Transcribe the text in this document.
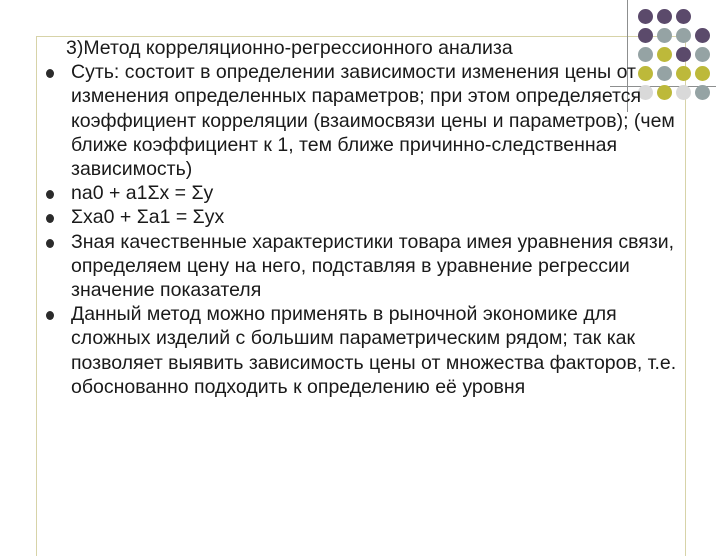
3)Метод корреляционно-регрессионного анализа
Суть: состоит в определении зависимости изменения цены от изменения определенных параметров; при этом определяется коэффициент корреляции (взаимосвязи цены и параметров); (чем ближе коэффициент к 1, тем ближе причинно-следственная зависимость)
na0 + a1Σx = Σy
Σxa0 + Σa1 = Σyx
Зная качественные характеристики товара имея уравнения связи, определяем цену на него, подставляя в уравнение регрессии значение показателя
Данный метод можно применять в рыночной экономике для сложных изделий с большим параметрическим рядом; так как позволяет выявить зависимость цены от множества факторов, т.е. обоснованно подходить к определению её уровня
